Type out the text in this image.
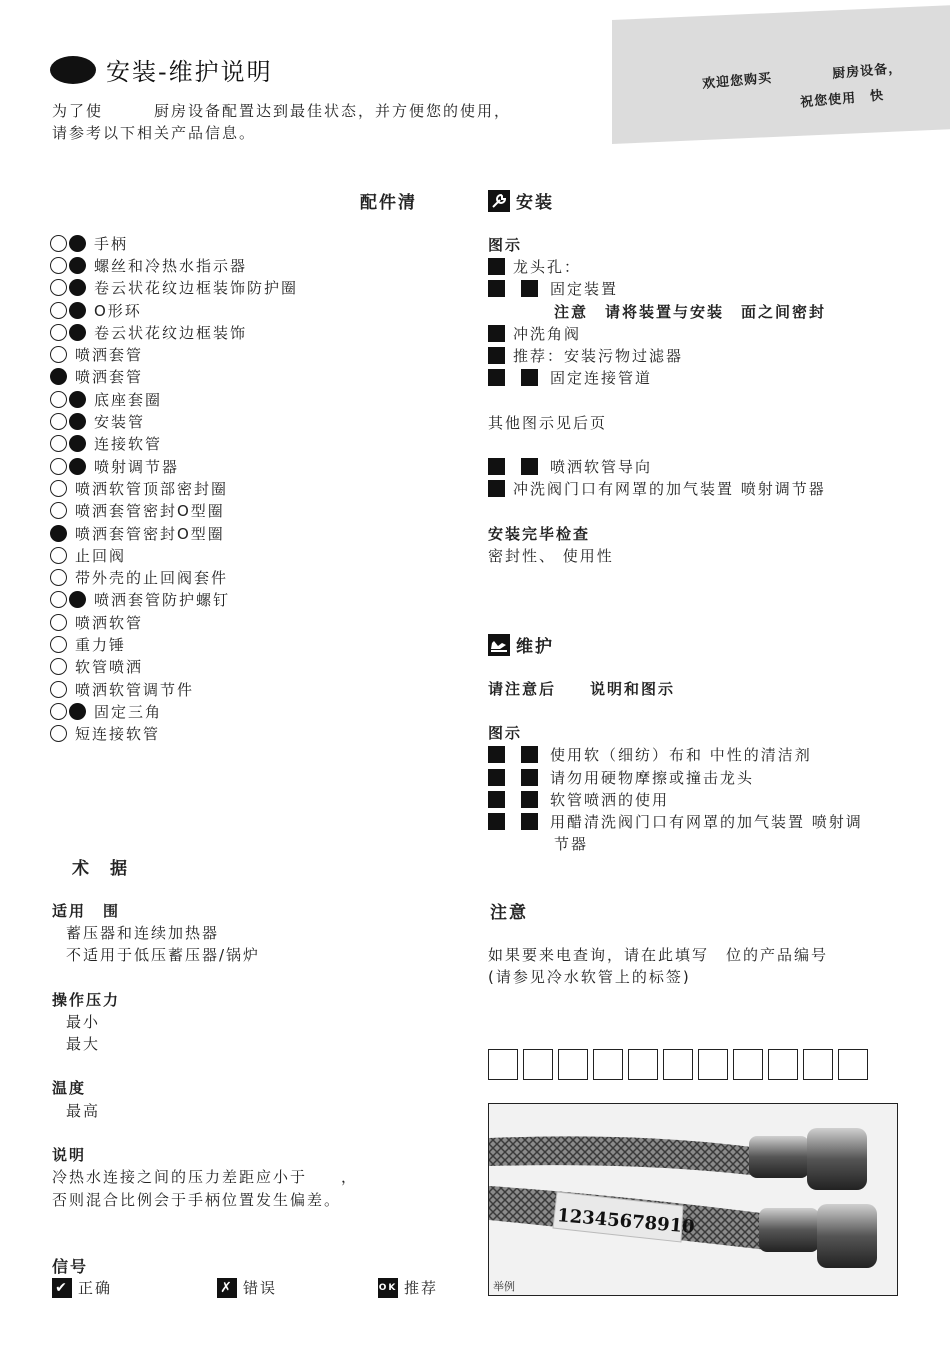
欢迎您购买	厨房设备，
祝您使用　快
安装-维护说明
为了使　　　厨房设备配置达到最佳状态，并方便您的使用，
请参考以下相关产品信息。
配件清
手柄
螺丝和冷热水指示器
卷云状花纹边框装饰防护圈
O形环
卷云状花纹边框装饰
喷洒套管
喷洒套管
底座套圈
安装管
连接软管
喷射调节器
喷洒软管顶部密封圈
喷洒套管密封O型圈
喷洒套管密封O型圈
止回阀
带外壳的止回阀套件
喷洒套管防护螺钉
喷洒软管
重力锤
软管喷洒
喷洒软管调节件
固定三角
短连接软管
安装
图示
龙头孔：
固定装置
注意　请将装置与安装　面之间密封
冲洗角阀
推荐：安装污物过滤器
固定连接管道
其他图示见后页
喷洒软管导向
冲洗阀门口有网罩的加气装置 喷射调节器
安装完毕检查
密封性、 使用性
维护
请注意后　　说明和图示
图示
使用软（细纺）布和 中性的清洁剂
请勿用硬物摩擦或撞击龙头
软管喷洒的使用
用醋清洗阀门口有网罩的加气装置 喷射调
节器
术　据
适用　围
蓄压器和连续加热器
不适用于低压蓄压器/锅炉
操作压力
最小
最大
温度
最高
说明
冷热水连接之间的压力差距应小于　　，
否则混合比例会于手柄位置发生偏差。
信号
✔ 正确	✗ 错误	OK 推荐
注意
如果要来电查询，请在此填写　位的产品编号
(请参见冷水软管上的标签)
12345678910
举例
